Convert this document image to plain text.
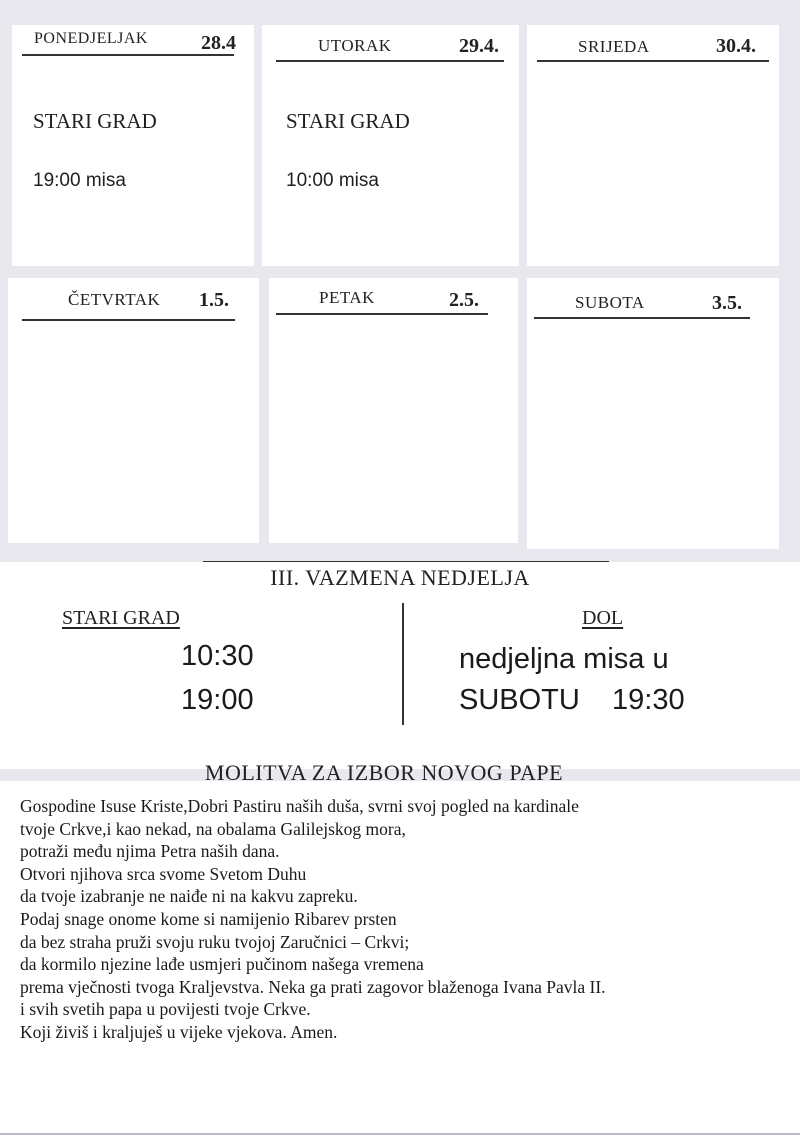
PONEDJELJAK	28.4
STARI GRAD
19:00 misa
UTORAK	29.4.
STARI GRAD
10:00 misa
SRIJEDA	30.4.
ČETVRTAK 1.5.	PETAK	2.5.	SUBOTA	3.5.
III. VAZMENA NEDJELJA
STARI GRAD
10:30
19:00
DOL
nedjeljna misa u
SUBOTU 19:30
MOLITVA ZA IZBOR NOVOG PAPE
Gospodine Isuse Kriste,Dobri Pastiru naših duša, svrni svoj pogled na kardinale
tvoje Crkve,i kao nekad, na obalama Galilejskog mora,
potraži među njima Petra naših dana.
Otvori njihova srca svome Svetom Duhu
da tvoje izabranje ne naiđe ni na kakvu zapreku.
Podaj snage onome kome si namijenio Ribarev prsten
da bez straha pruži svoju ruku tvojoj Zaručnici – Crkvi;
da kormilo njezine lađe usmjeri pučinom našega vremena
prema vječnosti tvoga Kraljevstva. Neka ga prati zagovor blaženoga Ivana Pavla II.
i svih svetih papa u povijesti tvoje Crkve.
Koji živiš i kraljuješ u vijeke vjekova. Amen.
